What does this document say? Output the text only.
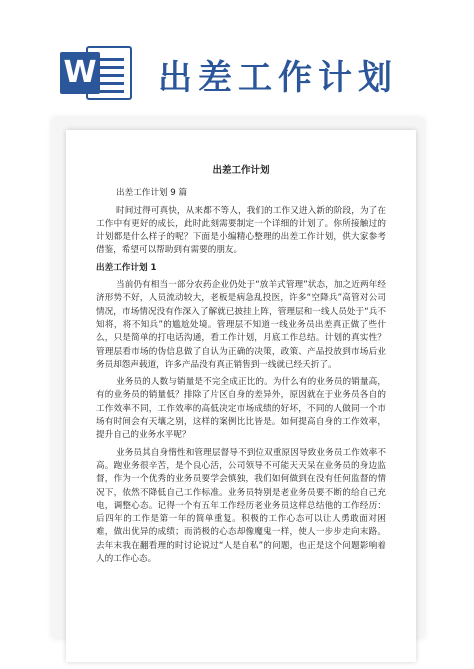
W 出差工作计划
出差工作计划

出差工作计划 9 篇

时间过得可真快，从来都不等人，我们的工作又进入新的阶段，为了在工作中有更好的成长，此时此刻需要制定一个详细的计划了。你所接触过的计划都是什么样子的呢？下面是小编精心整理的出差工作计划，供大家参考借鉴，希望可以帮助到有需要的朋友。

出差工作计划 1

当前仍有相当一部分农药企业仍处于“放羊式管理”状态，加之近两年经济形势不好，人员流动较大，老板是病急乱投医，许多“空降兵”高管对公司情况，市场情况没有作深入了解就已披挂上阵，管理层和一线人员处于“兵不知将，将不知兵”的尴尬处境。管理层不知道一线业务员出差真正做了些什么，只是简单的打电话沟通，看工作计划，月底工作总结。计划的真实性？管理层看市场的伪信息做了自认为正确的决策，政策、产品投放到市场后业务员却怨声载道，许多产品没有真正销售到一线就已经夭折了。

业务员的人数与销量是不完全成正比的。为什么有的业务员的销量高，有的业务员的销量低？排除了片区自身的差异外，原因就在于业务员各自的工作效率不同，工作效率的高低决定市场成绩的好坏，不同的人做同一个市场有时间会有天壤之别，这样的案例比比皆是。如何提高自身的工作效率，提升自己的业务水平呢？

业务员其自身惰性和管理层督导不到位双重原因导致业务员工作效率不高。跑业务很辛苦，是个良心活，公司领导不可能天天呆在业务员的身边监督，作为一个优秀的业务员要学会慎独，我们如何做到在没有任何监督的情况下，依然不降低自己工作标准。业务员特别是老业务员要不断的给自己充电，调整心态。记得一个有五年工作经历老业务员这样总结他的工作经历：后四年的工作是第一年的简单重复。积极的工作心态可以让人勇敢面对困难，做出优异的成绩；而消极的心态却像魔鬼一样，使人一步步走向末路。去年末我在翻看理的时讨论说过“人是自私”的问题，也正是这个问题影响着人的工作心态。
